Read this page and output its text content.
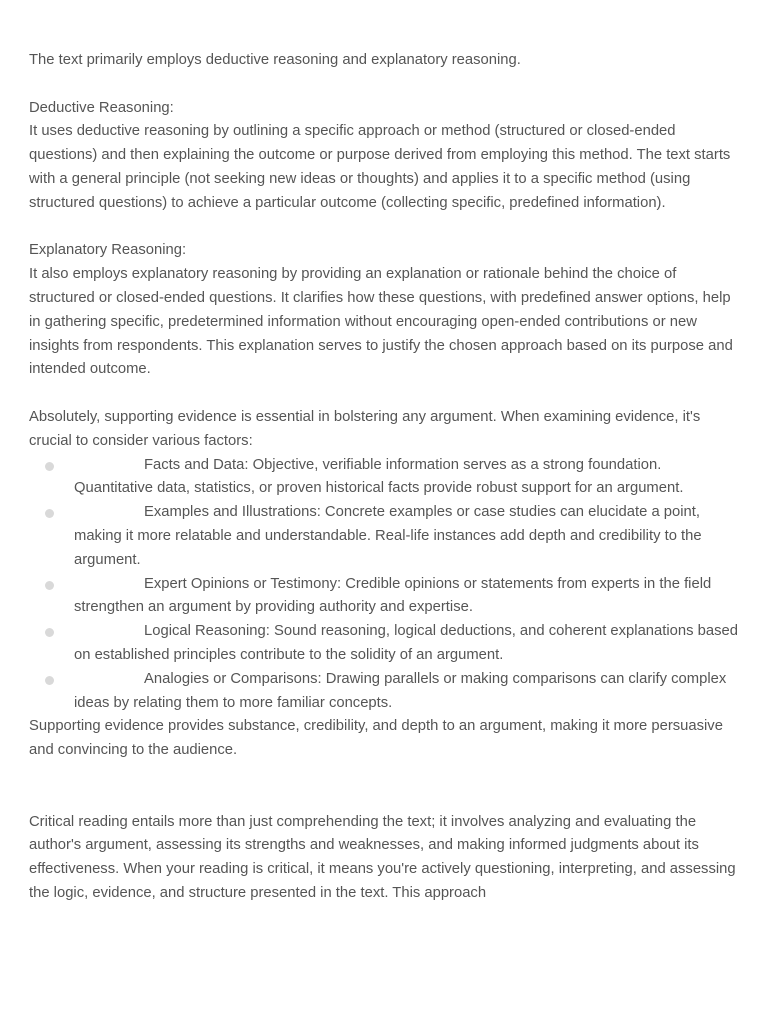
The text primarily employs deductive reasoning and explanatory reasoning.

Deductive Reasoning:

It uses deductive reasoning by outlining a specific approach or method (structured or closed-ended questions) and then explaining the outcome or purpose derived from employing this method. The text starts with a general principle (not seeking new ideas or thoughts) and applies it to a specific method (using structured questions) to achieve a particular outcome (collecting specific, predefined information).

Explanatory Reasoning:

It also employs explanatory reasoning by providing an explanation or rationale behind the choice of structured or closed-ended questions. It clarifies how these questions, with predefined answer options, help in gathering specific, predetermined information without encouraging open-ended contributions or new insights from respondents. This explanation serves to justify the chosen approach based on its purpose and intended outcome.

Absolutely, supporting evidence is essential in bolstering any argument. When examining evidence, it's crucial to consider various factors:

Facts and Data: Objective, verifiable information serves as a strong foundation. Quantitative data, statistics, or proven historical facts provide robust support for an argument.
Examples and Illustrations: Concrete examples or case studies can elucidate a point, making it more relatable and understandable. Real-life instances add depth and credibility to the argument.
Expert Opinions or Testimony: Credible opinions or statements from experts in the field strengthen an argument by providing authority and expertise.
Logical Reasoning: Sound reasoning, logical deductions, and coherent explanations based on established principles contribute to the solidity of an argument.
Analogies or Comparisons: Drawing parallels or making comparisons can clarify complex ideas by relating them to more familiar concepts.

Supporting evidence provides substance, credibility, and depth to an argument, making it more persuasive and convincing to the audience.

Critical reading entails more than just comprehending the text; it involves analyzing and evaluating the author's argument, assessing its strengths and weaknesses, and making informed judgments about its effectiveness. When your reading is critical, it means you're actively questioning, interpreting, and assessing the logic, evidence, and structure presented in the text. This approach
